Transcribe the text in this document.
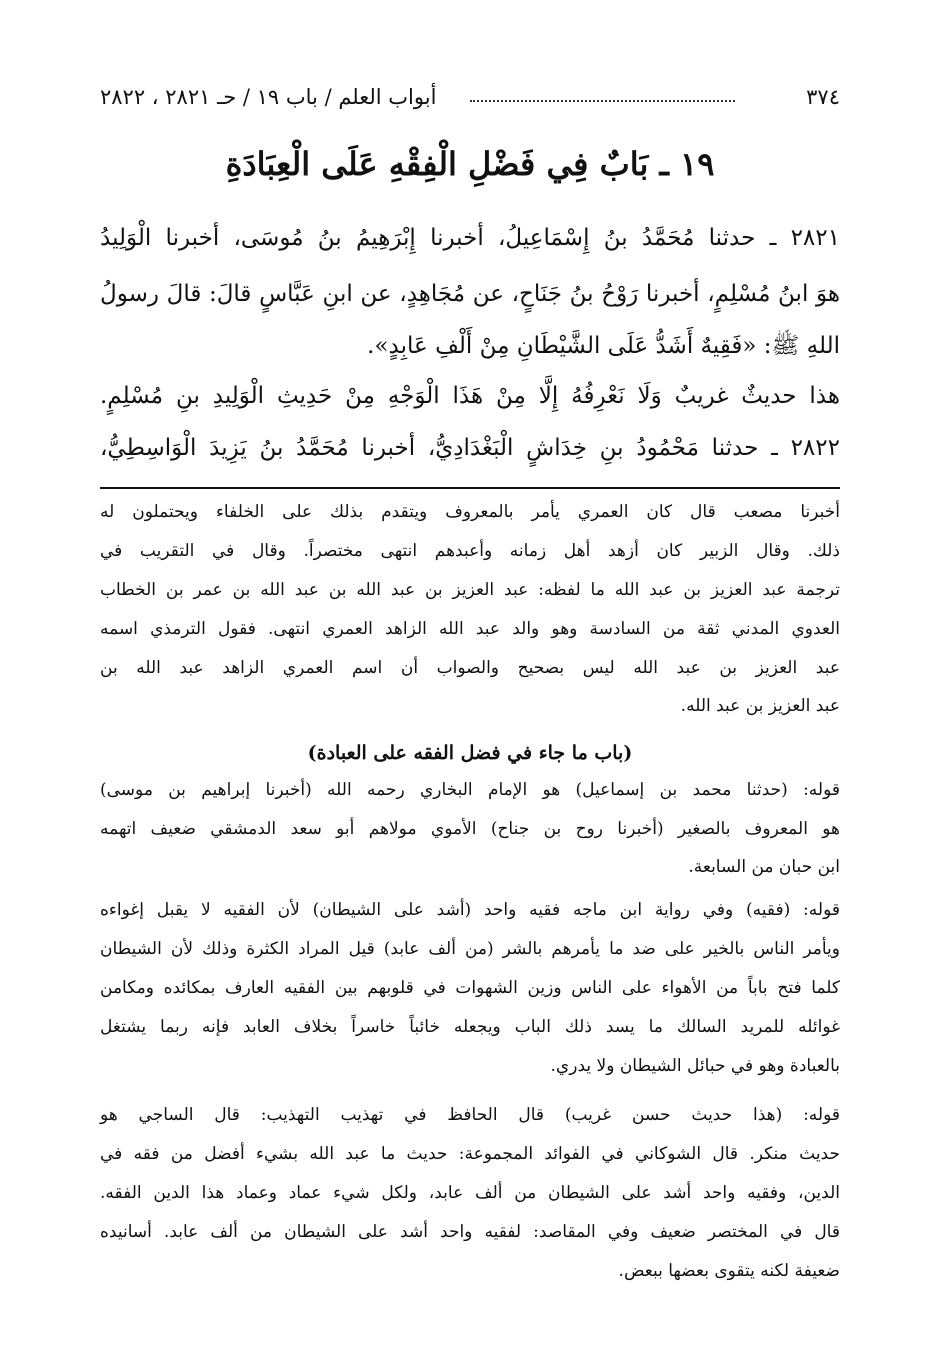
٣٧٤
أبواب العلم / باب ١٩ / حـ ٢٨٢١ ، ٢٨٢٢
١٩ ـ بَابٌ فِي فَضْلِ الْفِقْهِ عَلَى الْعِبَادَةِ
٢٨٢١ ـ حدثنا مُحَمَّدُ بنُ إِسْمَاعِيلُ، أخبرنا إِبْرَهِيمُ بنُ مُوسَى، أخبرنا الْوَلِيدُ
هوَ ابنُ مُسْلِمٍ، أخبرنا رَوْحُ بنُ جَنَاحٍ، عن مُجَاهِدٍ، عن ابنِ عَبَّاسٍ قالَ: قالَ رسولُ
اللهِ ﷺ: «فَقِيهٌ أَشَدُّ عَلَى الشَّيْطَانِ مِنْ أَلْفِ عَابِدٍ».
هذا حديثٌ غريبٌ وَلَا نَعْرِفُهُ إِلَّا مِنْ هَذَا الْوَجْهِ مِنْ حَدِيثِ الْوَلِيدِ بنِ مُسْلِمٍ.
٢٨٢٢ ـ حدثنا مَحْمُودُ بنِ خِدَاشٍ الْبَغْدَادِيُّ، أخبرنا مُحَمَّدُ بنُ يَزِيدَ الْوَاسِطِيُّ،
أخبرنا مصعب قال كان العمري يأمر بالمعروف ويتقدم بذلك على الخلفاء ويحتملون له
ذلك. وقال الزبير كان أزهد أهل زمانه وأعبدهم انتهى مختصراً. وقال في التقريب في
ترجمة عبد العزيز بن عبد الله ما لفظه: عبد العزيز بن عبد الله بن عبد الله بن عمر بن الخطاب
العدوي المدني ثقة من السادسة وهو والد عبد الله الزاهد العمري انتهى. فقول الترمذي اسمه
عبد العزيز بن عبد الله ليس بصحيح والصواب أن اسم العمري الزاهد عبد الله بن
عبد العزيز بن عبد الله.
(باب ما جاء في فضل الفقه على العبادة)
قوله: (حدثنا محمد بن إسماعيل) هو الإمام البخاري رحمه الله (أخبرنا إبراهيم بن موسى)
هو المعروف بالصغير (أخبرنا روح بن جناح) الأموي مولاهم أبو سعد الدمشقي ضعيف اتهمه
ابن حبان من السابعة.
قوله: (فقيه) وفي رواية ابن ماجه فقيه واحد (أشد على الشيطان) لأن الفقيه لا يقبل إغواءه
ويأمر الناس بالخير على ضد ما يأمرهم بالشر (من ألف عابد) قيل المراد الكثرة وذلك لأن الشيطان
كلما فتح باباً من الأهواء على الناس وزين الشهوات في قلوبهم بين الفقيه العارف بمكائده ومكامن
غوائله للمريد السالك ما يسد ذلك الباب ويجعله خائباً خاسراً بخلاف العابد فإنه ربما يشتغل
بالعبادة وهو في حبائل الشيطان ولا يدري.
قوله: (هذا حديث حسن غريب) قال الحافظ في تهذيب التهذيب: قال الساجي هو
حديث منكر. قال الشوكاني في الفوائد المجموعة: حديث ما عبد الله بشيء أفضل من فقه في
الدين، وفقيه واحد أشد على الشيطان من ألف عابد، ولكل شيء عماد وعماد هذا الدين الفقه.
قال في المختصر ضعيف وفي المقاصد: لفقيه واحد أشد على الشيطان من ألف عابد. أسانيده
ضعيفة لكنه يتقوى بعضها ببعض.
